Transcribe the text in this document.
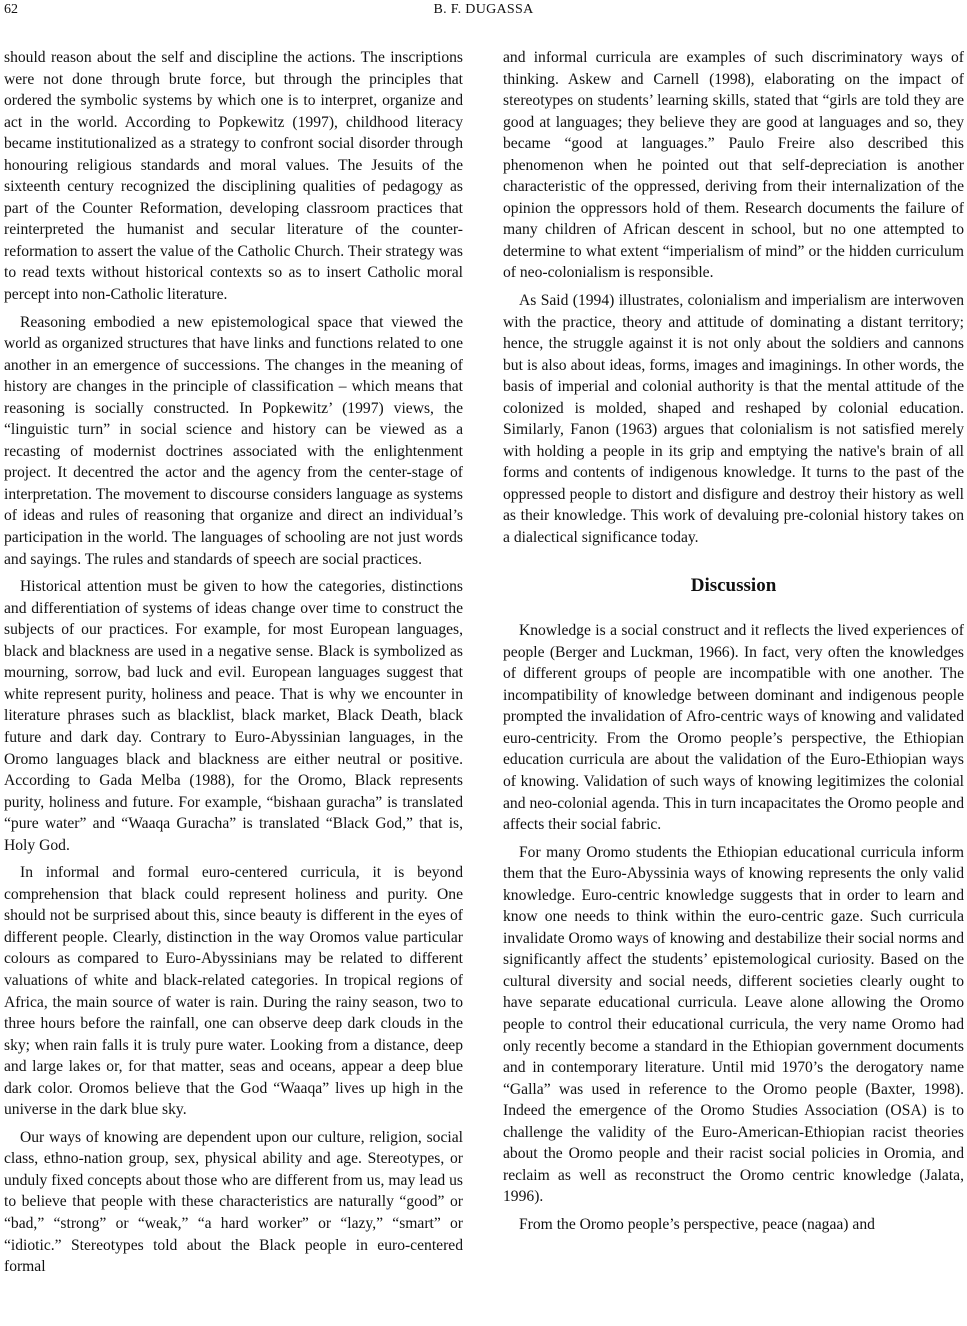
62	B. F. DUGASSA

should reason about the self and discipline the actions. The inscriptions were not done through brute force, but through the principles that ordered the symbolic systems by which one is to interpret, organize and act in the world. According to Popkewitz (1997), childhood literacy became institutionalized as a strategy to confront social disorder through honouring religious standards and moral values. The Jesuits of the sixteenth century recognized the disciplining qualities of pedagogy as part of the Counter Reformation, developing classroom practices that reinterpreted the humanist and secular literature of the counter-reformation to assert the value of the Catholic Church. Their strategy was to read texts without historical contexts so as to insert Catholic moral percept into non-Catholic literature.

Reasoning embodied a new epistemological space that viewed the world as organized structures that have links and functions related to one another in an emergence of successions. The changes in the meaning of history are changes in the principle of classification – which means that reasoning is socially constructed. In Popkewitz’ (1997) views, the “linguistic turn” in social science and history can be viewed as a recasting of modernist doctrines associated with the enlightenment project. It decentred the actor and the agency from the center-stage of interpretation. The movement to discourse considers language as systems of ideas and rules of reasoning that organize and direct an individual’s participation in the world. The languages of schooling are not just words and sayings. The rules and standards of speech are social practices.

Historical attention must be given to how the categories, distinctions and differentiation of systems of ideas change over time to construct the subjects of our practices. For example, for most European languages, black and blackness are used in a negative sense. Black is symbolized as mourning, sorrow, bad luck and evil. European languages suggest that white represent purity, holiness and peace. That is why we encounter in literature phrases such as blacklist, black market, Black Death, black future and dark day. Contrary to Euro-Abyssinian languages, in the Oromo languages black and blackness are either neutral or positive. According to Gada Melba (1988), for the Oromo, Black represents purity, holiness and future. For example, “bishaan guracha” is translated “pure water” and “Waaqa Guracha” is translated “Black God,” that is, Holy God.

In informal and formal euro-centered curricula, it is beyond comprehension that black could represent holiness and purity. One should not be surprised about this, since beauty is different in the eyes of different people. Clearly, distinction in the way Oromos value particular colours as compared to Euro-Abyssinians may be related to different valuations of white and black-related categories. In tropical regions of Africa, the main source of water is rain. During the rainy season, two to three hours before the rainfall, one can observe deep dark clouds in the sky; when rain falls it is truly pure water. Looking from a distance, deep and large lakes or, for that matter, seas and oceans, appear a deep blue dark color. Oromos believe that the God “Waaqa” lives up high in the universe in the dark blue sky.

Our ways of knowing are dependent upon our culture, religion, social class, ethno-nation group, sex, physical ability and age. Stereotypes, or unduly fixed concepts about those who are different from us, may lead us to believe that people with these characteristics are naturally “good” or “bad,” “strong” or “weak,” “a hard worker” or “lazy,” “smart” or “idiotic.” Stereotypes told about the Black people in euro-centered formal

and informal curricula are examples of such discriminatory ways of thinking. Askew and Carnell (1998), elaborating on the impact of stereotypes on students’ learning skills, stated that “girls are told they are good at languages; they believe they are good at languages and so, they became “good at languages.” Paulo Freire also described this phenomenon when he pointed out that self-depreciation is another characteristic of the oppressed, deriving from their internalization of the opinion the oppressors hold of them. Research documents the failure of many children of African descent in school, but no one attempted to determine to what extent “imperialism of mind” or the hidden curriculum of neo-colonialism is responsible.

As Said (1994) illustrates, colonialism and imperialism are interwoven with the practice, theory and attitude of dominating a distant territory; hence, the struggle against it is not only about the soldiers and cannons but is also about ideas, forms, images and imaginings. In other words, the basis of imperial and colonial authority is that the mental attitude of the colonized is molded, shaped and reshaped by colonial education. Similarly, Fanon (1963) argues that colonialism is not satisfied merely with holding a people in its grip and emptying the native's brain of all forms and contents of indigenous knowledge. It turns to the past of the oppressed people to distort and disfigure and destroy their history as well as their knowledge. This work of devaluing pre-colonial history takes on a dialectical significance today.

Discussion

Knowledge is a social construct and it reflects the lived experiences of people (Berger and Luckman, 1966). In fact, very often the knowledges of different groups of people are incompatible with one another. The incompatibility of knowledge between dominant and indigenous people prompted the invalidation of Afro-centric ways of knowing and validated euro-centricity. From the Oromo people’s perspective, the Ethiopian education curricula are about the validation of the Euro-Ethiopian ways of knowing. Validation of such ways of knowing legitimizes the colonial and neo-colonial agenda. This in turn incapacitates the Oromo people and affects their social fabric.

For many Oromo students the Ethiopian educational curricula inform them that the Euro-Abyssinia ways of knowing represents the only valid knowledge. Euro-centric knowledge suggests that in order to learn and know one needs to think within the euro-centric gaze. Such curricula invalidate Oromo ways of knowing and destabilize their social norms and significantly affect the students’ epistemological curiosity. Based on the cultural diversity and social needs, different societies clearly ought to have separate educational curricula. Leave alone allowing the Oromo people to control their educational curricula, the very name Oromo had only recently become a standard in the Ethiopian government documents and in contemporary literature. Until mid 1970’s the derogatory name “Galla” was used in reference to the Oromo people (Baxter, 1998). Indeed the emergence of the Oromo Studies Association (OSA) is to challenge the validity of the Euro-American-Ethiopian racist theories about the Oromo people and their racist social policies in Oromia, and reclaim as well as reconstruct the Oromo centric knowledge (Jalata, 1996).

From the Oromo people’s perspective, peace (nagaa) and
